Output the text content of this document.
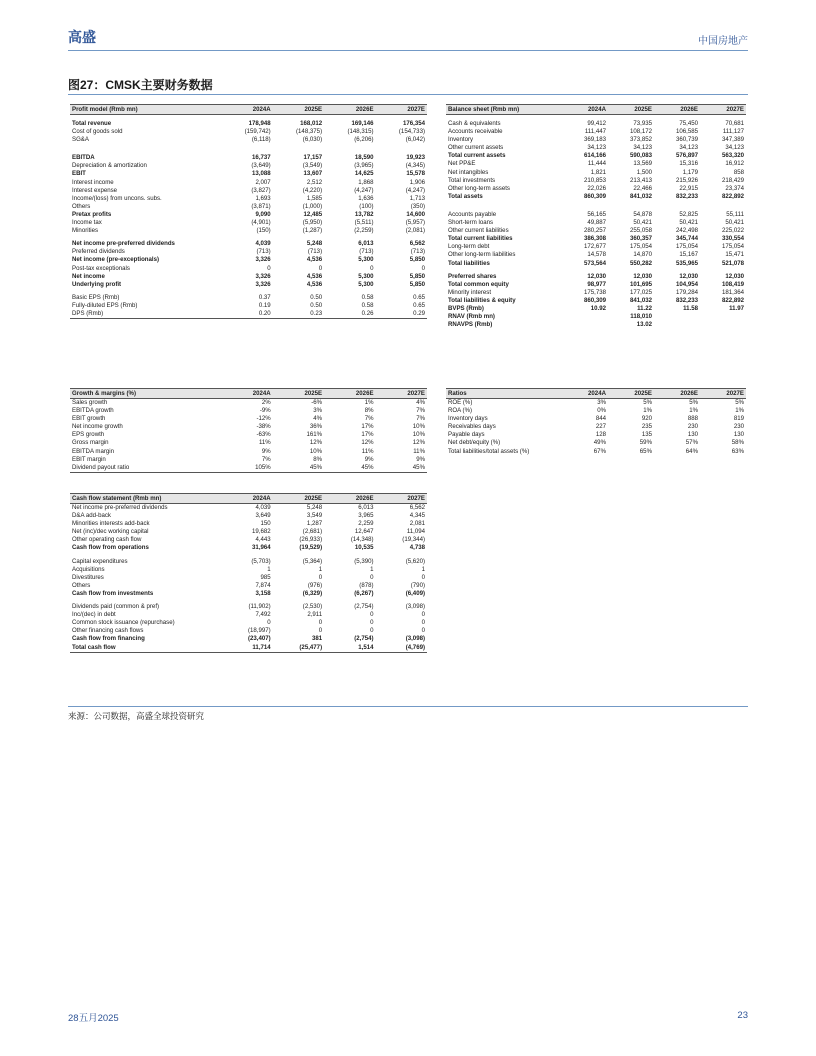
高盛	中国房地产
图27：CMSK主要财务数据
Profit model (Rmb mn)	2024A	2025E	2026E	2027E

Total revenue	178,948	168,012	169,146	176,354
Cost of goods sold	(159,742)	(148,375)	(148,315)	(154,733)
SG&A	(6,118)	(6,030)	(6,206)	(6,042)

EBITDA	16,737	17,157	18,590	19,923
Depreciation & amortization	(3,649)	(3,549)	(3,965)	(4,345)
EBIT	13,088	13,607	14,625	15,578
Interest income	2,007	2,512	1,868	1,906
Interest expense	(3,827)	(4,220)	(4,247)	(4,247)
Income/(loss) from uncons. subs.	1,693	1,585	1,636	1,713
Others	(3,871)	(1,000)	(100)	(350)
Pretax profits	9,090	12,485	13,782	14,600
Income tax	(4,901)	(5,950)	(5,511)	(5,957)
Minorities	(150)	(1,287)	(2,259)	(2,081)

Net income pre-preferred dividends	4,039	5,248	6,013	6,562
Preferred dividends	(713)	(713)	(713)	(713)
Net income (pre-exceptionals)	3,326	4,536	5,300	5,850
Post-tax exceptionals	0	0	0	0
Net income	3,326	4,536	5,300	5,850
Underlying profit	3,326	4,536	5,300	5,850

Basic EPS (Rmb)	0.37	0.50	0.58	0.65
Fully-diluted EPS (Rmb)	0.19	0.50	0.58	0.65
DPS (Rmb)	0.20	0.23	0.26	0.29
Balance sheet (Rmb mn)	2024A	2025E	2026E	2027E

Cash & equivalents	99,412	73,935	75,450	70,681
Accounts receivable	111,447	108,172	106,585	111,127
Inventory	369,183	373,852	360,739	347,389
Other current assets	34,123	34,123	34,123	34,123
Total current assets	614,166	590,083	576,897	563,320
Net PP&E	11,444	13,569	15,316	16,912
Net intangibles	1,821	1,500	1,179	858
Total investments	210,853	213,413	215,926	218,429
Other long-term assets	22,026	22,466	22,915	23,374
Total assets	860,309	841,032	832,233	822,892

Accounts payable	56,165	54,878	52,825	55,111
Short-term loans	49,887	50,421	50,421	50,421
Other current liabilities	280,257	255,058	242,498	225,022
Total current liabilities	386,308	360,357	345,744	330,554
Long-term debt	172,677	175,054	175,054	175,054
Other long-term liabilities	14,578	14,870	15,167	15,471
Total liabilities	573,564	550,282	535,965	521,078

Preferred shares	12,030	12,030	12,030	12,030
Total common equity	98,977	101,695	104,954	108,419
Minority interest	175,738	177,025	179,284	181,364
Total liabilities & equity	860,309	841,032	832,233	822,892
BVPS (Rmb)	10.92	11.22	11.58	11.97
RNAV (Rmb mn)		118,010		
RNAVPS (Rmb)		13.02		
Growth & margins (%)	2024A	2025E	2026E	2027E
Sales growth	2%	-6%	1%	4%
EBITDA growth	-9%	3%	8%	7%
EBIT growth	-12%	4%	7%	7%
Net income growth	-38%	36%	17%	10%
EPS growth	-63%	161%	17%	10%
Gross margin	11%	12%	12%	12%
EBITDA margin	9%	10%	11%	11%
EBIT margin	7%	8%	9%	9%
Dividend payout ratio	105%	45%	45%	45%
Ratios	2024A	2025E	2026E	2027E
ROE (%)	3%	5%	5%	5%
ROA (%)	0%	1%	1%	1%
Inventory days	844	920	888	819
Receivables days	227	235	230	230
Payable days	128	135	130	130
Net debt/equity (%)	49%	59%	57%	58%
Total liabilities/total assets (%)	67%	65%	64%	63%
Cash flow statement (Rmb mn)	2024A	2025E	2026E	2027E
Net income pre-preferred dividends	4,039	5,248	6,013	6,562
D&A add-back	3,649	3,549	3,965	4,345
Minorities interests add-back	150	1,287	2,259	2,081
Net (inc)/dec working capital	19,682	(2,681)	12,647	11,094
Other operating cash flow	4,443	(26,933)	(14,348)	(19,344)
Cash flow from operations	31,964	(19,529)	10,535	4,738

Capital expenditures	(5,703)	(5,364)	(5,390)	(5,620)
Acquisitions	1	1	1	1
Divestitures	985	0	0	0
Others	7,874	(976)	(878)	(790)
Cash flow from investments	3,158	(6,329)	(6,267)	(6,409)

Dividends paid (common & pref)	(11,902)	(2,530)	(2,754)	(3,098)
Inc/(dec) in debt	7,492	2,911	0	0
Common stock issuance (repurchase)	0	0	0	0
Other financing cash flows	(18,997)	0	0	0
Cash flow from financing	(23,407)	381	(2,754)	(3,098)
Total cash flow	11,714	(25,477)	1,514	(4,769)
来源：公司数据，高盛全球投资研究
28五月2025	23
